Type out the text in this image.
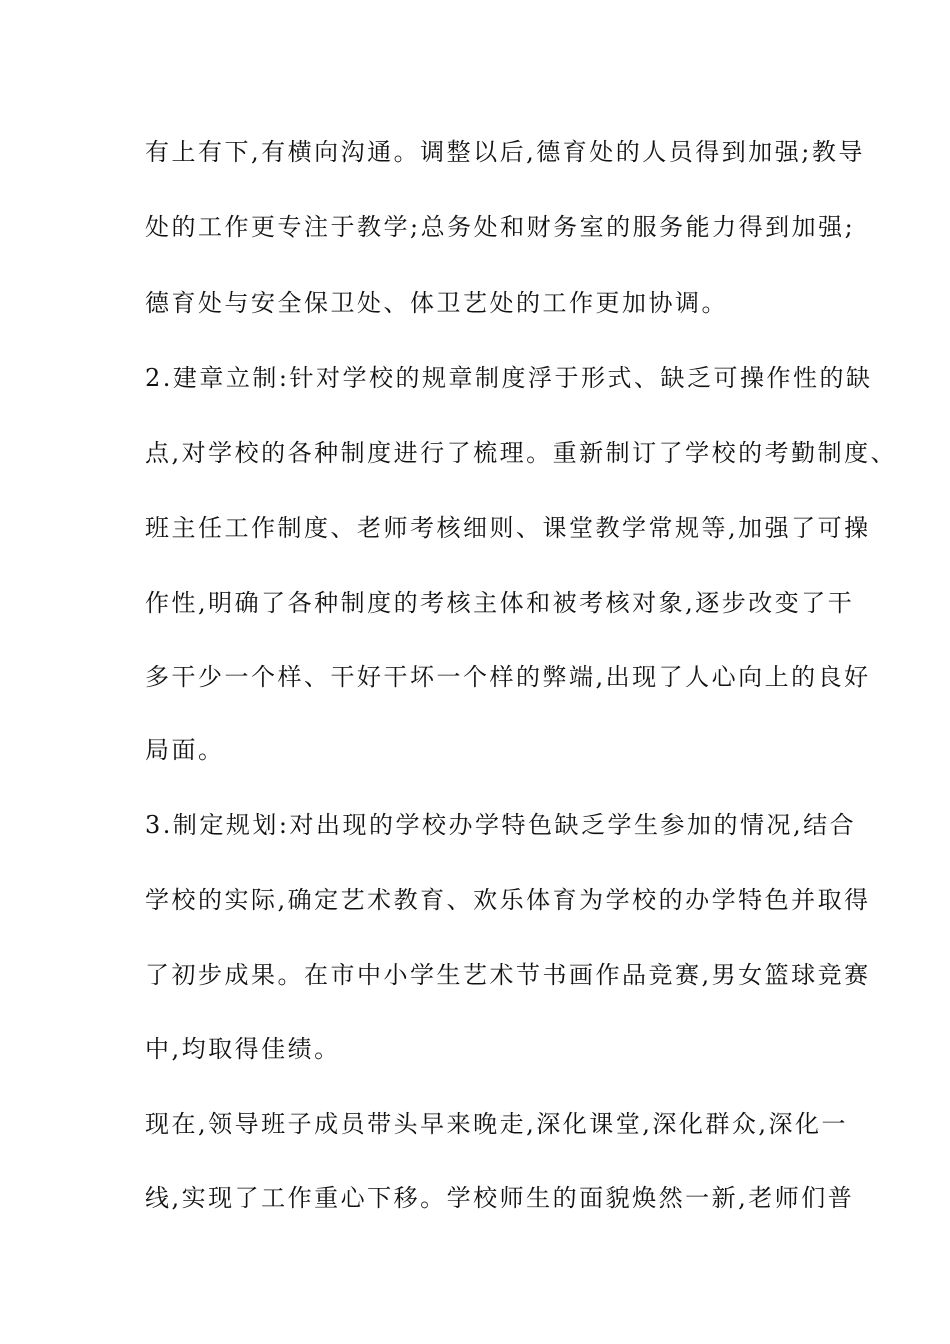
有上有下,有横向沟通。调整以后,德育处的人员得到加强;教导
处的工作更专注于教学;总务处和财务室的服务能力得到加强;
德育处与安全保卫处、体卫艺处的工作更加协调。
2.建章立制:针对学校的规章制度浮于形式、缺乏可操作性的缺
点,对学校的各种制度进行了梳理。重新制订了学校的考勤制度、
班主任工作制度、老师考核细则、课堂教学常规等,加强了可操
作性,明确了各种制度的考核主体和被考核对象,逐步改变了干
多干少一个样、干好干坏一个样的弊端,出现了人心向上的良好
局面。
3.制定规划:对出现的学校办学特色缺乏学生参加的情况,结合
学校的实际,确定艺术教育、欢乐体育为学校的办学特色并取得
了初步成果。在市中小学生艺术节书画作品竞赛,男女篮球竞赛
中,均取得佳绩。
现在,领导班子成员带头早来晚走,深化课堂,深化群众,深化一
线,实现了工作重心下移。学校师生的面貌焕然一新,老师们普
